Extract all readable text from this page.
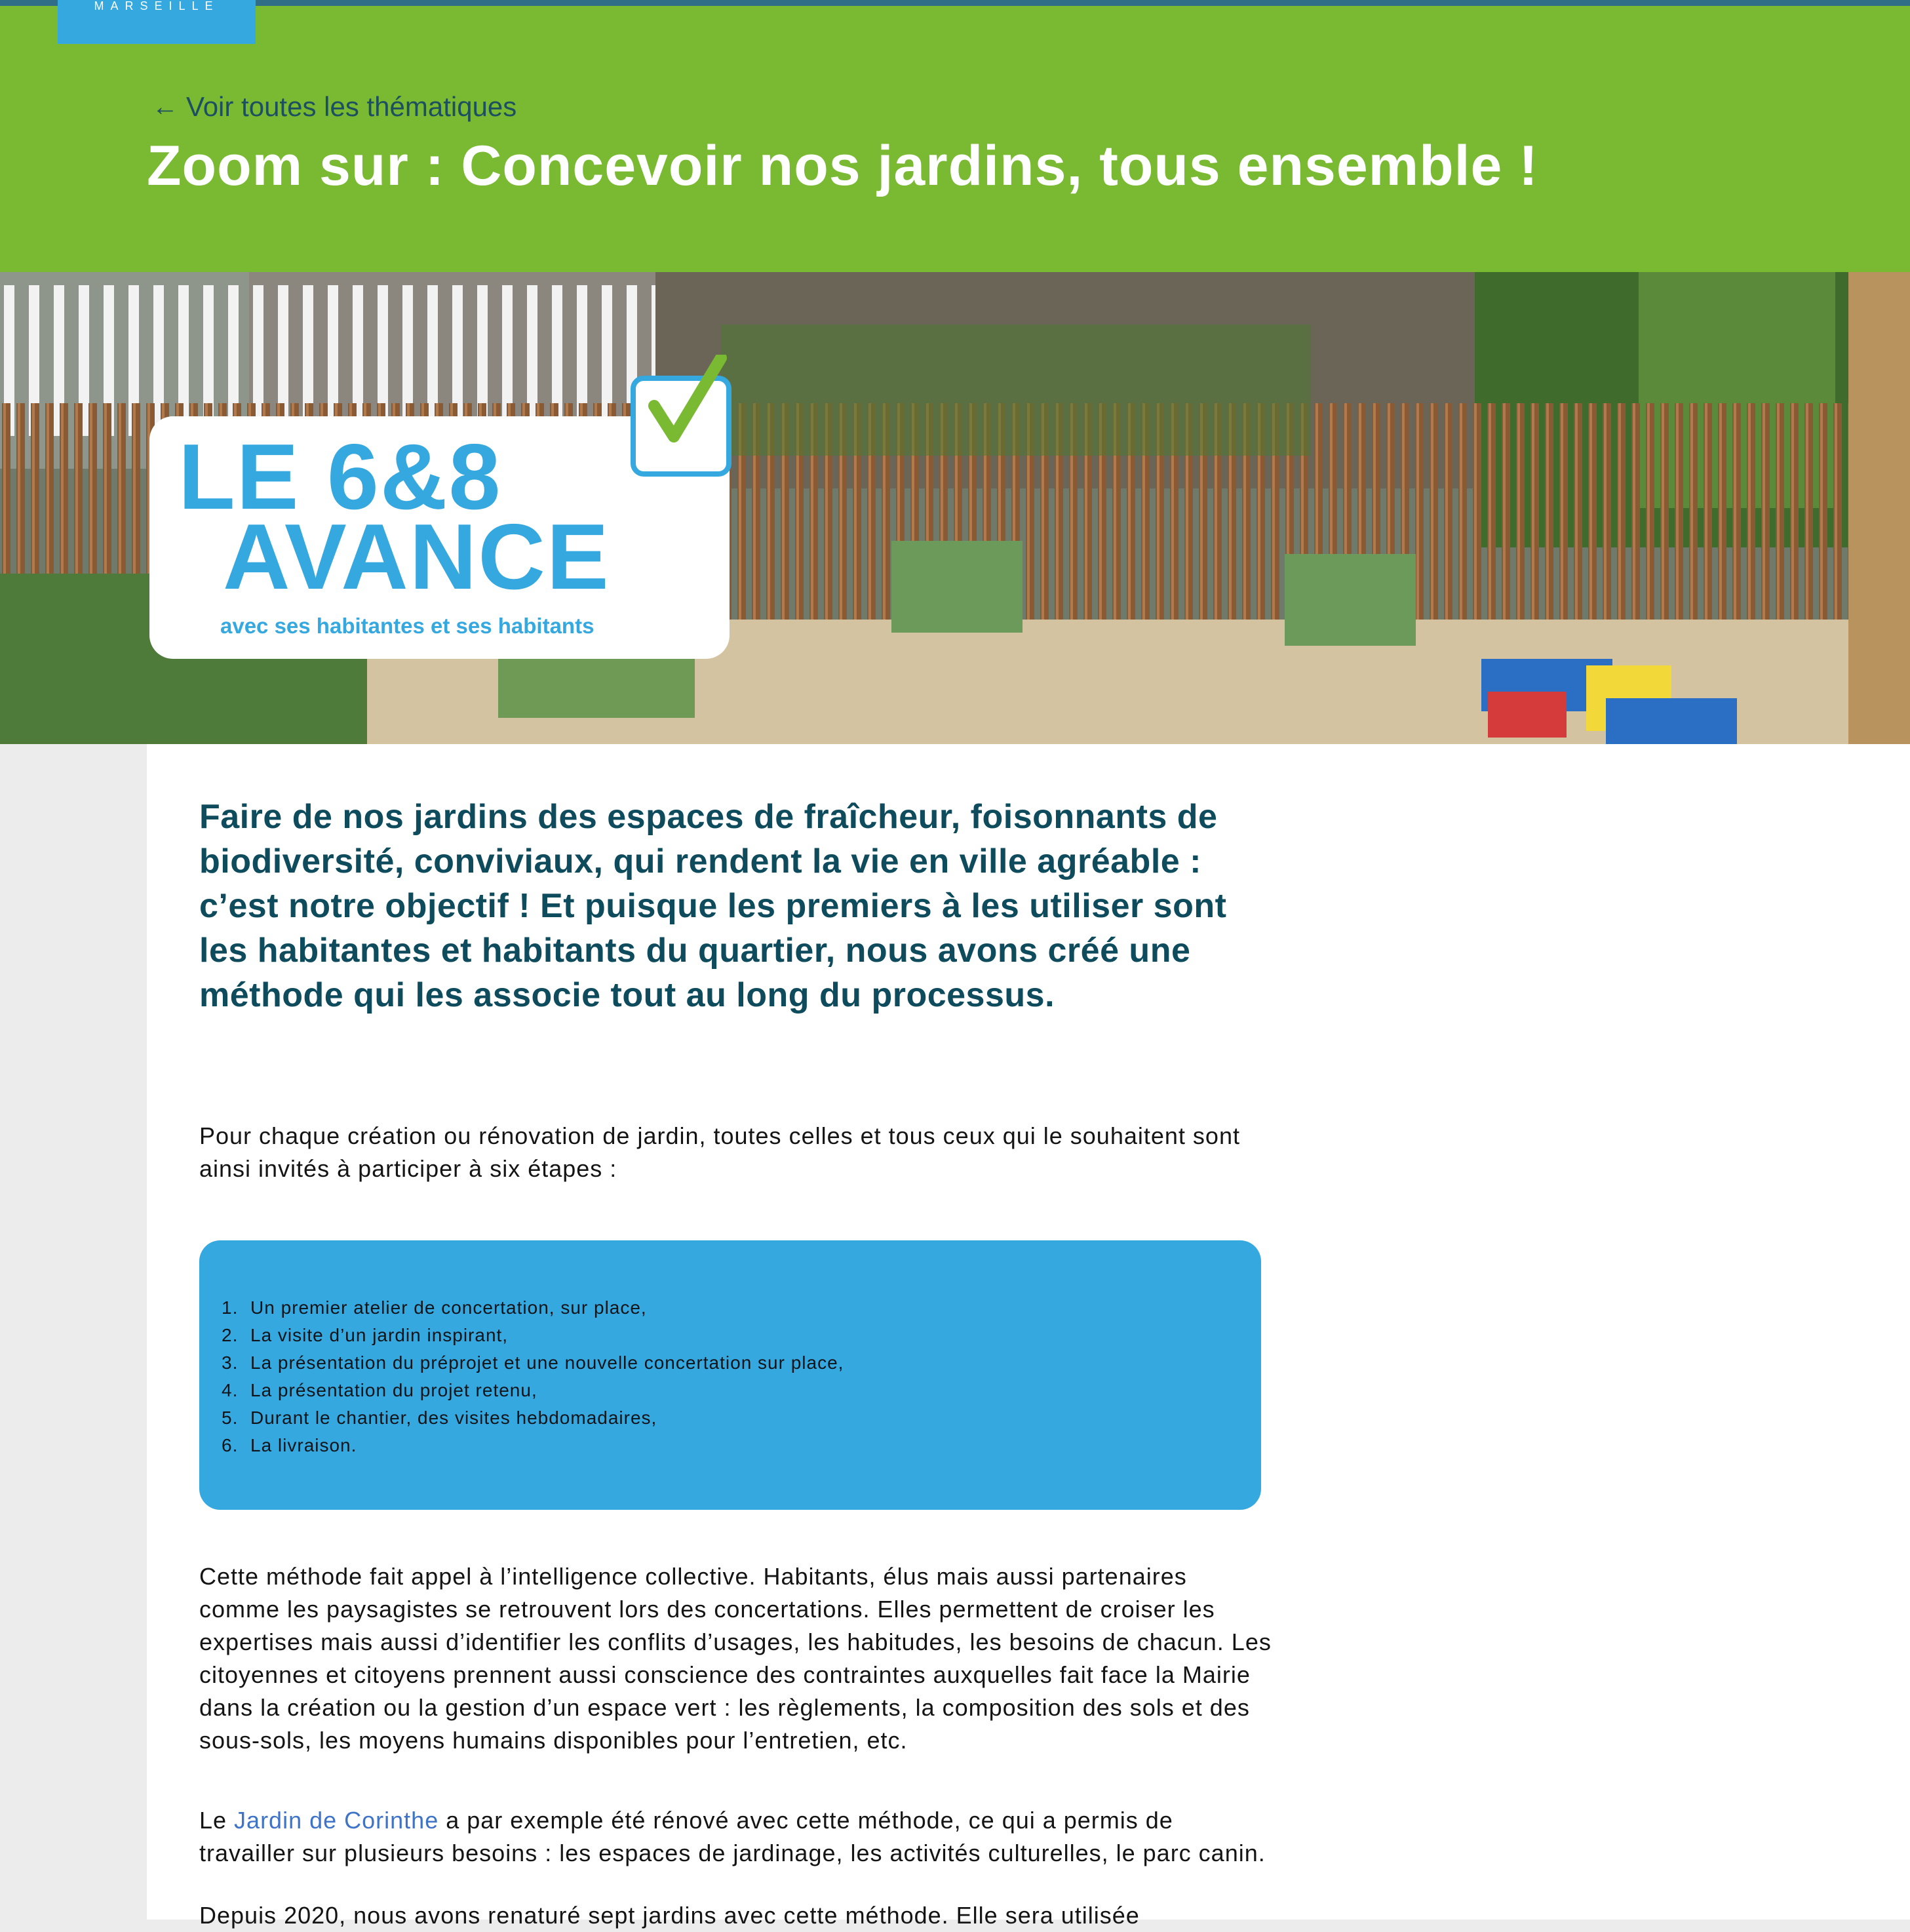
← Voir toutes les thématiques
Zoom sur : Concevoir nos jardins, tous ensemble !
MARSEILLE
LE 6&8
AVANCE
avec ses habitantes et ses habitants

Faire de nos jardins des espaces de fraîcheur, foisonnants de biodiversité, conviviaux, qui rendent la vie en ville agréable : c’est notre objectif ! Et puisque les premiers à les utiliser sont les habitantes et habitants du quartier, nous avons créé une méthode qui les associe tout au long du processus.

Pour chaque création ou rénovation de jardin, toutes celles et tous ceux qui le souhaitent sont ainsi invités à participer à six étapes :

1. Un premier atelier de concertation, sur place,
2. La visite d’un jardin inspirant,
3. La présentation du préprojet et une nouvelle concertation sur place,
4. La présentation du projet retenu,
5. Durant le chantier, des visites hebdomadaires,
6. La livraison.

Cette méthode fait appel à l’intelligence collective. Habitants, élus mais aussi partenaires comme les paysagistes se retrouvent lors des concertations. Elles permettent de croiser les expertises mais aussi d’identifier les conflits d’usages, les habitudes, les besoins de chacun. Les citoyennes et citoyens prennent aussi conscience des contraintes auxquelles fait face la Mairie dans la création ou la gestion d’un espace vert : les règlements, la composition des sols et des sous-sols, les moyens humains disponibles pour l’entretien, etc.

Le Jardin de Corinthe a par exemple été rénové avec cette méthode, ce qui a permis de travailler sur plusieurs besoins : les espaces de jardinage, les activités culturelles, le parc canin.

Depuis 2020, nous avons renaturé sept jardins avec cette méthode. Elle sera utilisée
